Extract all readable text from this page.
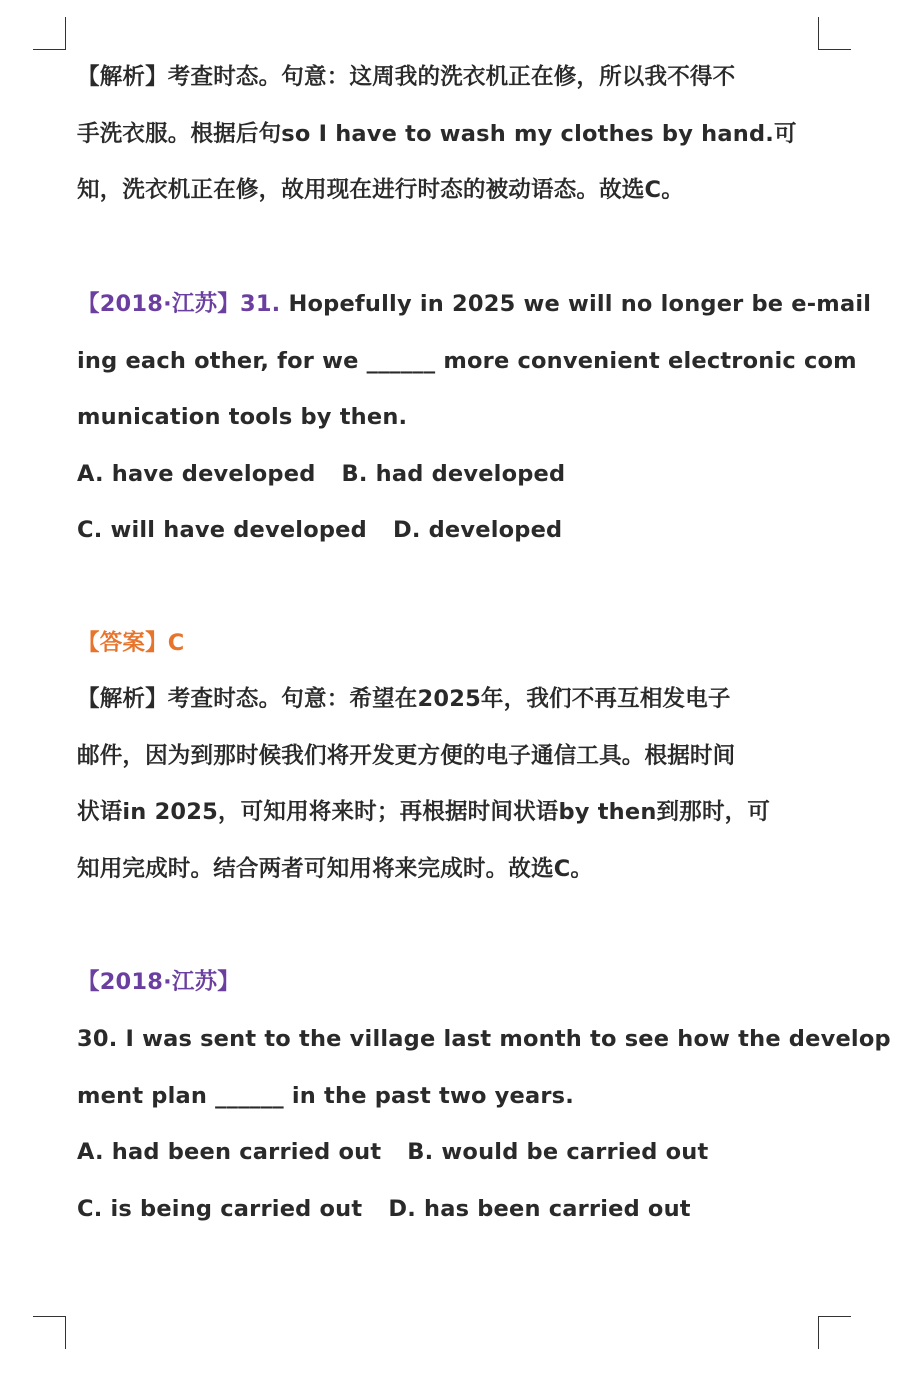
【解析】考查时态。句意：这周我的洗衣机正在修，所以我不得不
手洗衣服。根据后句so I have to wash my clothes by hand.可
知，洗衣机正在修，故用现在进行时态的被动语态。故选C。
【2018·江苏】31. Hopefully in 2025 we will no longer be e-mail
ing each other, for we ______ more convenient electronic com
munication tools by then.
A. have developed B. had developed
C. will have developed D. developed
【答案】C
【解析】考查时态。句意：希望在2025年，我们不再互相发电子
邮件，因为到那时候我们将开发更方便的电子通信工具。根据时间
状语in 2025，可知用将来时；再根据时间状语by then到那时，可
知用完成时。结合两者可知用将来完成时。故选C。
【2018·江苏】
30. I was sent to the village last month to see how the develop
ment plan ______ in the past two years.
A. had been carried out B. would be carried out
C. is being carried out D. has been carried out
